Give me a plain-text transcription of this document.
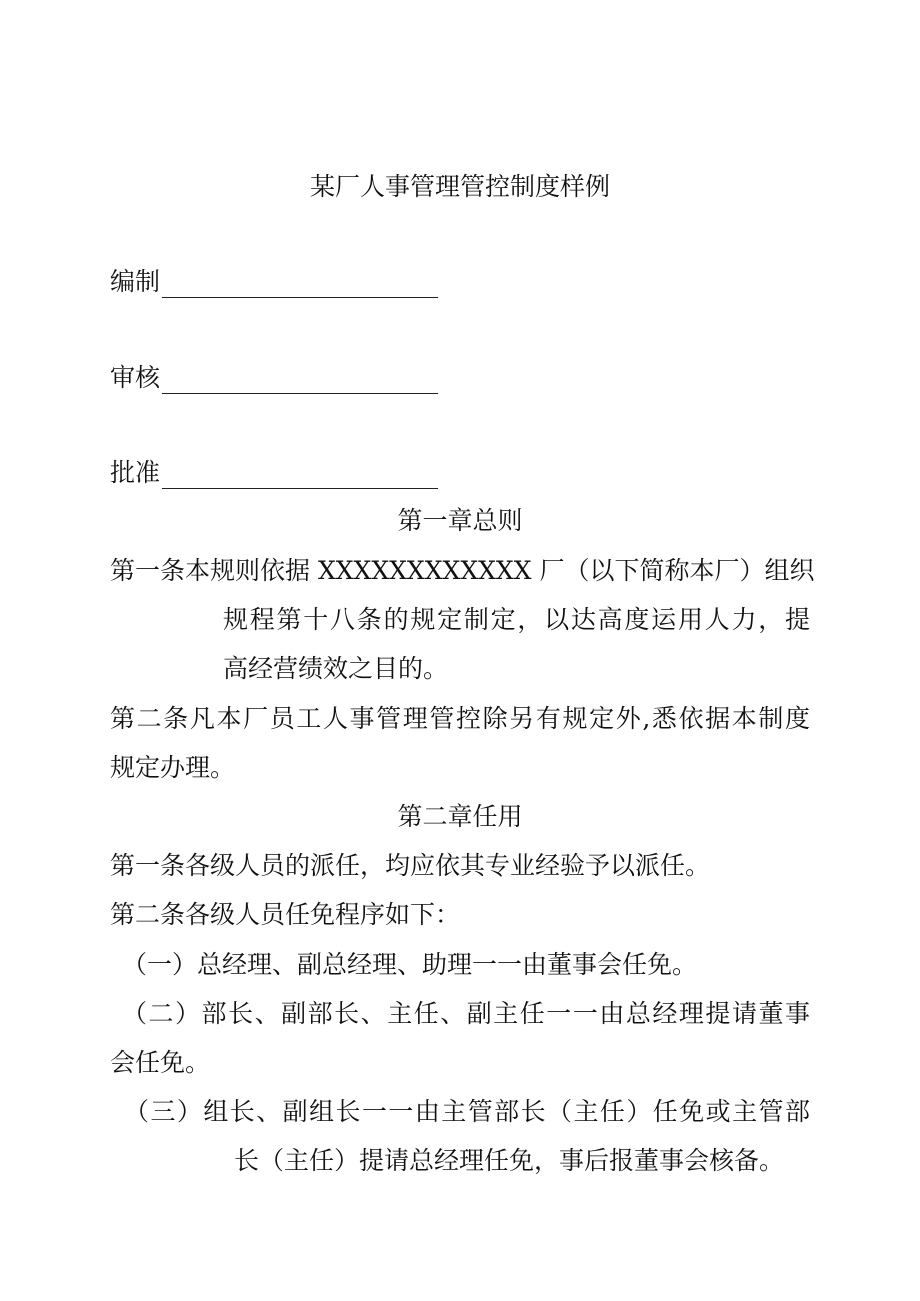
某厂人事管理管控制度样例

编制
审核
批准

第一章总则

第一条本规则依据 XXXXXXXXXXXX 厂（以下简称本厂）组织

规程第十八条的规定制定，以达高度运用人力，提

高经营绩效之目的。

第二条凡本厂员工人事管理管控除另有规定外,悉依据本制度

规定办理。

第二章任用

第一条各级人员的派任，均应依其专业经验予以派任。

第二条各级人员任免程序如下：

（一）总经理、副总经理、助理一一由董事会任免。

（二）部长、副部长、主任、副主任一一由总经理提请董事

会任免。

（三）组长、副组长一一由主管部长（主任）任免或主管部

长（主任）提请总经理任免，事后报董事会核备。
